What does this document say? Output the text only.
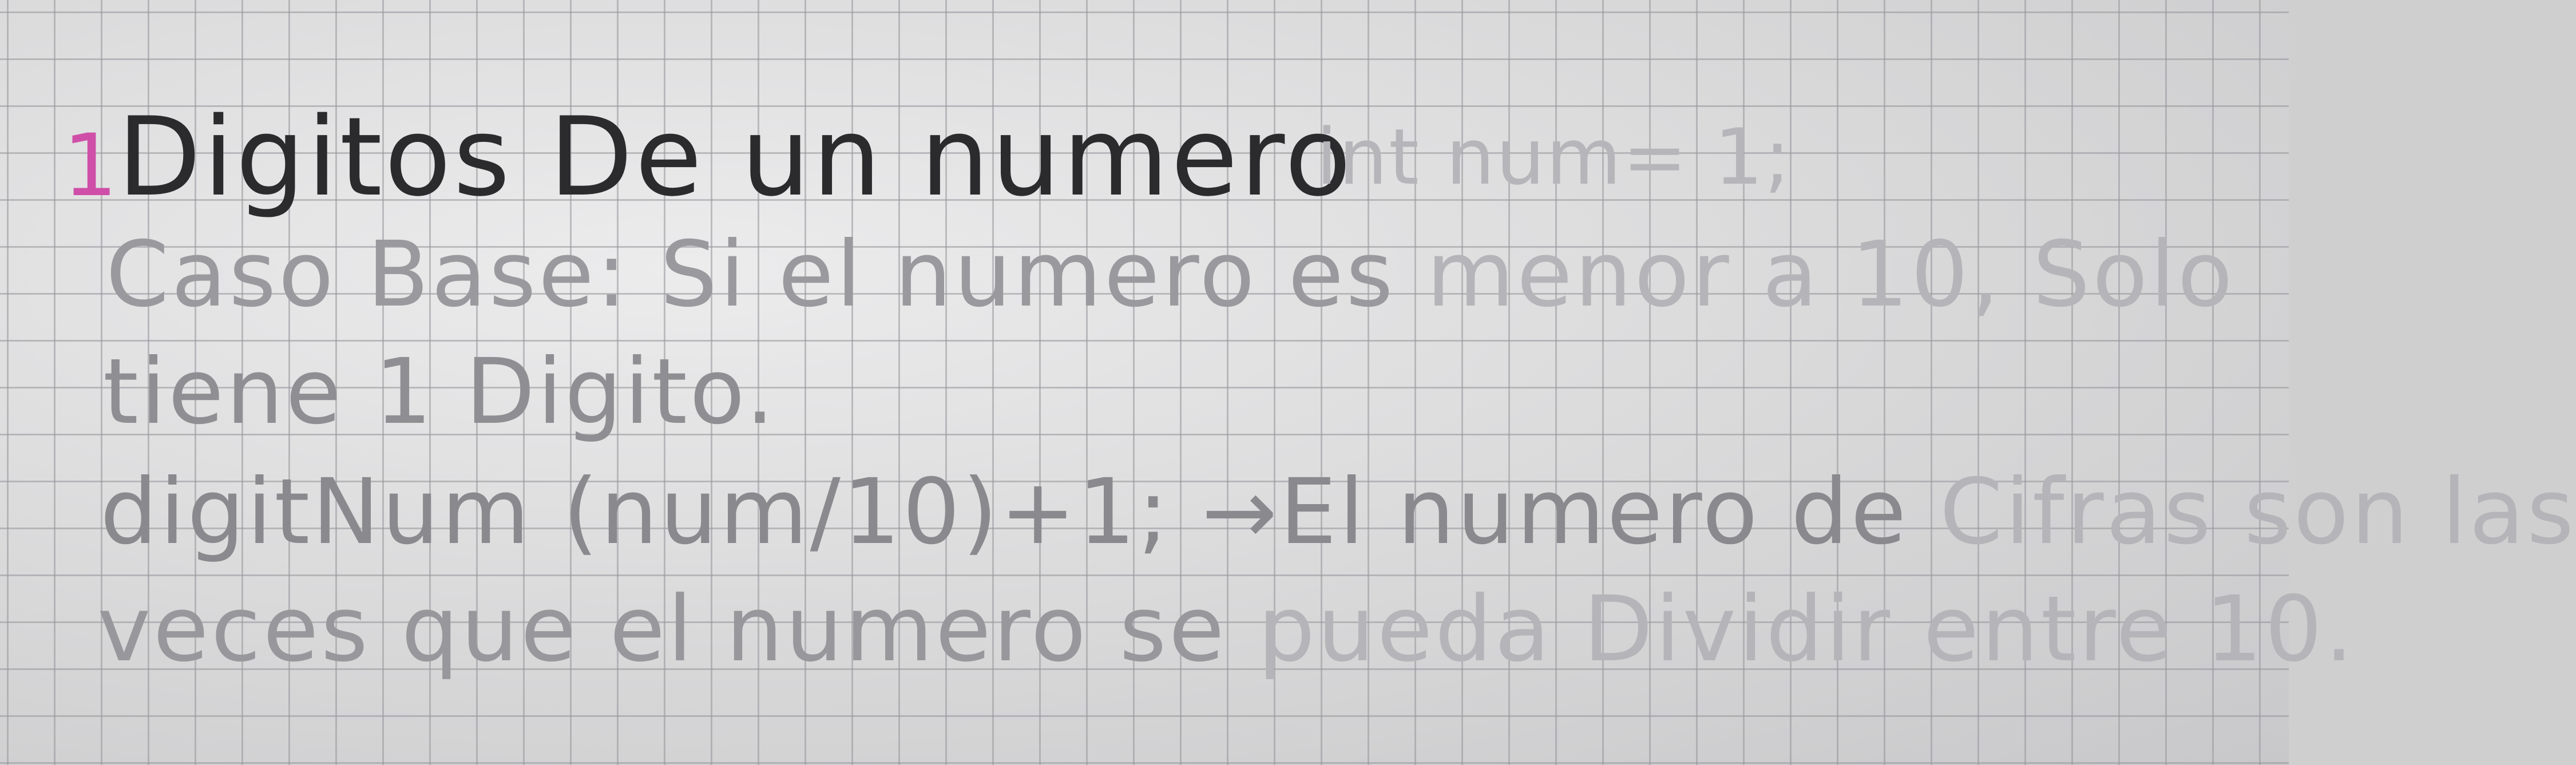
1 Digitos De un numero

int num= 1;

Caso Base: Si el numero es menor a 10, Solo

tiene 1 Digito.

digitNum (num/10)+1; →El numero de Cifras son las

veces que el numero se pueda Dividir entre 10.
